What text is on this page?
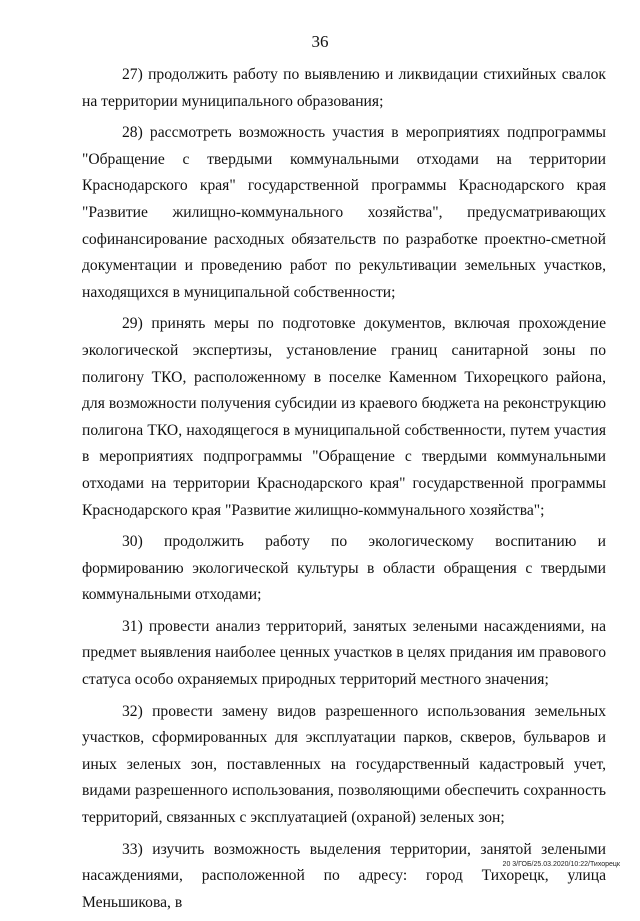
36

27) продолжить работу по выявлению и ликвидации стихийных свалок на территории муниципального образования;

28) рассмотреть возможность участия в мероприятиях подпрограммы "Обращение с твердыми коммунальными отходами на территории Краснодарского края" государственной программы Краснодарского края "Развитие жилищно-коммунального хозяйства", предусматривающих софинансирование расходных обязательств по разработке проектно-сметной документации и проведению работ по рекультивации земельных участков, находящихся в муниципальной собственности;

29) принять меры по подготовке документов, включая прохождение экологической экспертизы, установление границ санитарной зоны по полигону ТКО, расположенному в поселке Каменном Тихорецкого района, для возможности получения субсидии из краевого бюджета на реконструкцию полигона ТКО, находящегося в муниципальной собственности, путем участия в мероприятиях подпрограммы "Обращение с твердыми коммунальными отходами на территории Краснодарского края" государственной программы Краснодарского края "Развитие жилищно-коммунального хозяйства";

30) продолжить работу по экологическому воспитанию и формированию экологической культуры в области обращения с твердыми коммунальными отходами;

31) провести анализ территорий, занятых зелеными насаждениями, на предмет выявления наиболее ценных участков в целях придания им правового статуса особо охраняемых природных территорий местного значения;

32) провести замену видов разрешенного использования земельных участков, сформированных для эксплуатации парков, скверов, бульваров и иных зеленых зон, поставленных на государственный кадастровый учет, видами разрешенного использования, позволяющими обеспечить сохранность территорий, связанных с эксплуатацией (охраной) зеленых зон;

33) изучить возможность выделения территории, занятой зелеными насаждениями, расположенной по адресу: город Тихорецк, улица Меньшикова, в

20 3/ГОБ/25.03.2020/10:22/Тихорецк
